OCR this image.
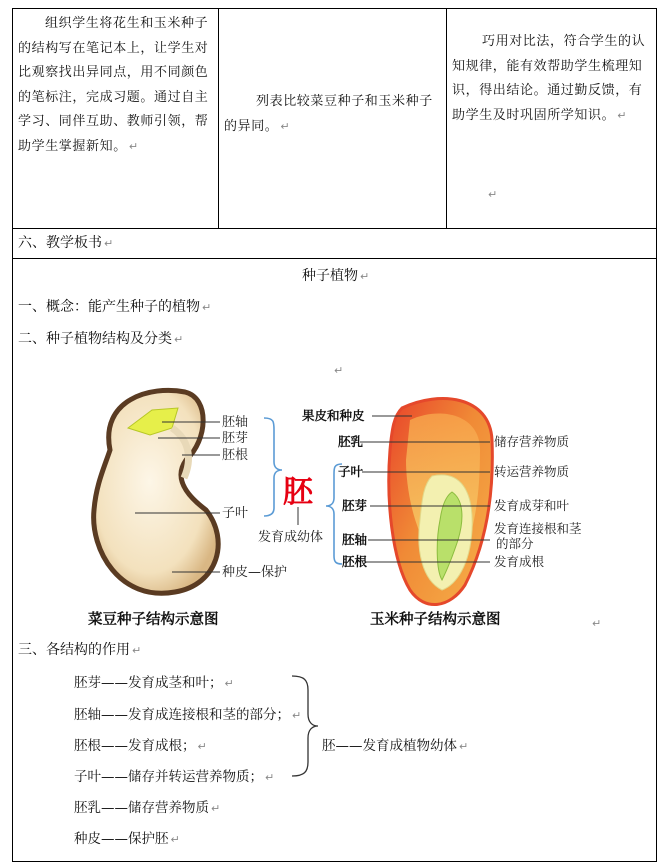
组织学生将花生和玉米种子的结构写在笔记本上，让学生对比观察找出异同点，用不同颜色的笔标注，完成习题。通过自主学习、同伴互助、教师引领，帮助学生掌握新知。 ↵
列表比较菜豆种子和玉米种子的异同。 ↵
巧用对比法，符合学生的认知规律，能有效帮助学生梳理知识，得出结论。通过勤反馈，有助学生及时巩固所学知识。 ↵
↵
六、教学板书 ↵
种子植物 ↵
一、概念：能产生种子的植物 ↵
二、种子植物结构及分类 ↵
↵
胚轴
胚芽
胚根
子叶
种皮—保护
胚
发育成幼体
果皮和种皮
胚乳
子叶
胚芽
胚轴
胚根
储存营养物质
转运营养物质
发育成芽和叶
发育连接根和茎
的部分
发育成根
菜豆种子结构示意图	玉米种子结构示意图	↵
三、各结构的作用 ↵
胚芽——发育成茎和叶； ↵
胚轴——发育成连接根和茎的部分； ↵
胚根——发育成根； ↵
子叶——储存并转运营养物质； ↵
胚乳——储存营养物质 ↵
种皮——保护胚 ↵
胚——发育成植物幼体 ↵
